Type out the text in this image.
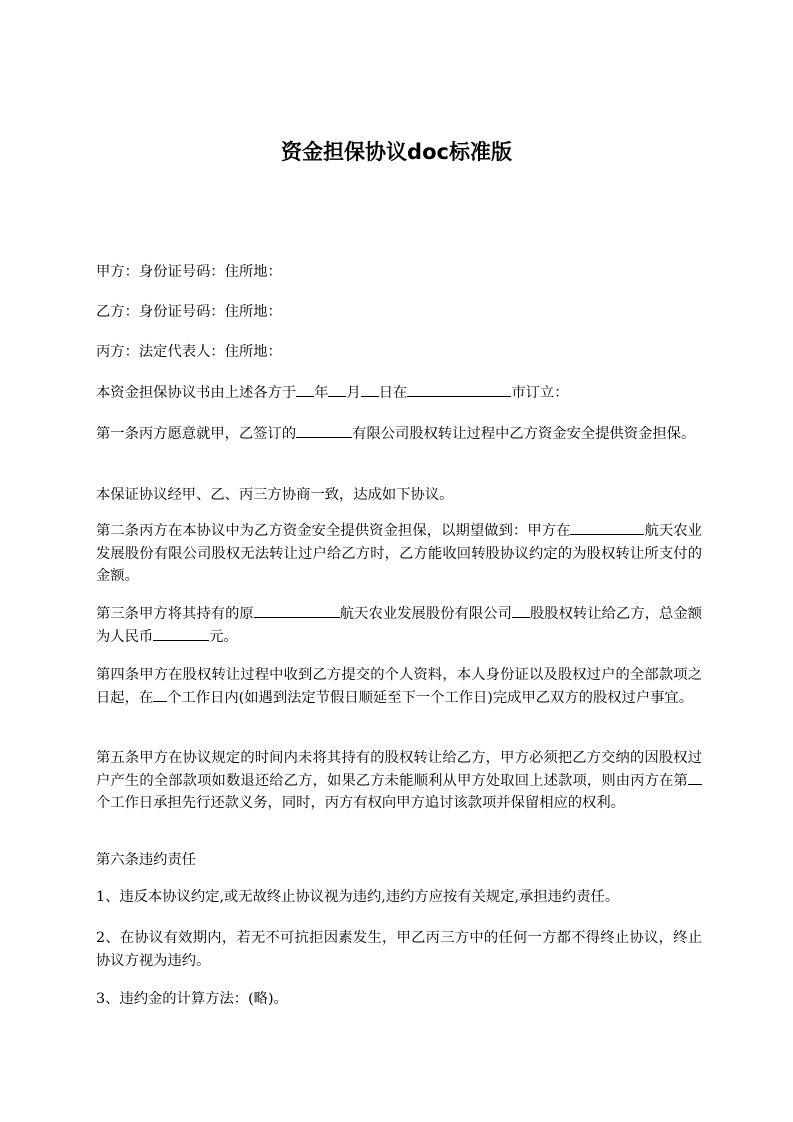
资金担保协议doc标准版

甲方：身份证号码：住所地：

乙方：身份证号码：住所地：

丙方：法定代表人：住所地：

本资金担保协议书由上述各方于 年 月 日在	市订立：

第一条丙方愿意就甲，乙签订的	有限公司股权转让过程中乙方资金安全提供资金担保。

本保证协议经甲、乙、丙三方协商一致，达成如下协议。

第二条丙方在本协议中为乙方资金安全提供资金担保，以期望做到：甲方在	航天农业发展股份有限公司股权无法转让过户给乙方时，乙方能收回转股协议约定的为股权转让所支付的金额。

第三条甲方将其持有的原	航天农业发展股份有限公司 股股权转让给乙方，总金额为人民币	元。

第四条甲方在股权转让过程中收到乙方提交的个人资料，本人身份证以及股权过户的全部款项之日起，在 个工作日内(如遇到法定节假日顺延至下一个工作日)完成甲乙双方的股权过户事宜。

第五条甲方在协议规定的时间内未将其持有的股权转让给乙方，甲方必须把乙方交纳的因股权过户产生的全部款项如数退还给乙方，如果乙方未能顺利从甲方处取回上述款项，则由丙方在第个工作日承担先行还款义务，同时，丙方有权向甲方追讨该款项并保留相应的权利。

第六条违约责任

1、违反本协议约定,或无故终止协议视为违约,违约方应按有关规定,承担违约责任。

2、在协议有效期内，若无不可抗拒因素发生，甲乙丙三方中的任何一方都不得终止协议，终止协议方视为违约。

3、违约金的计算方法：(略)。
